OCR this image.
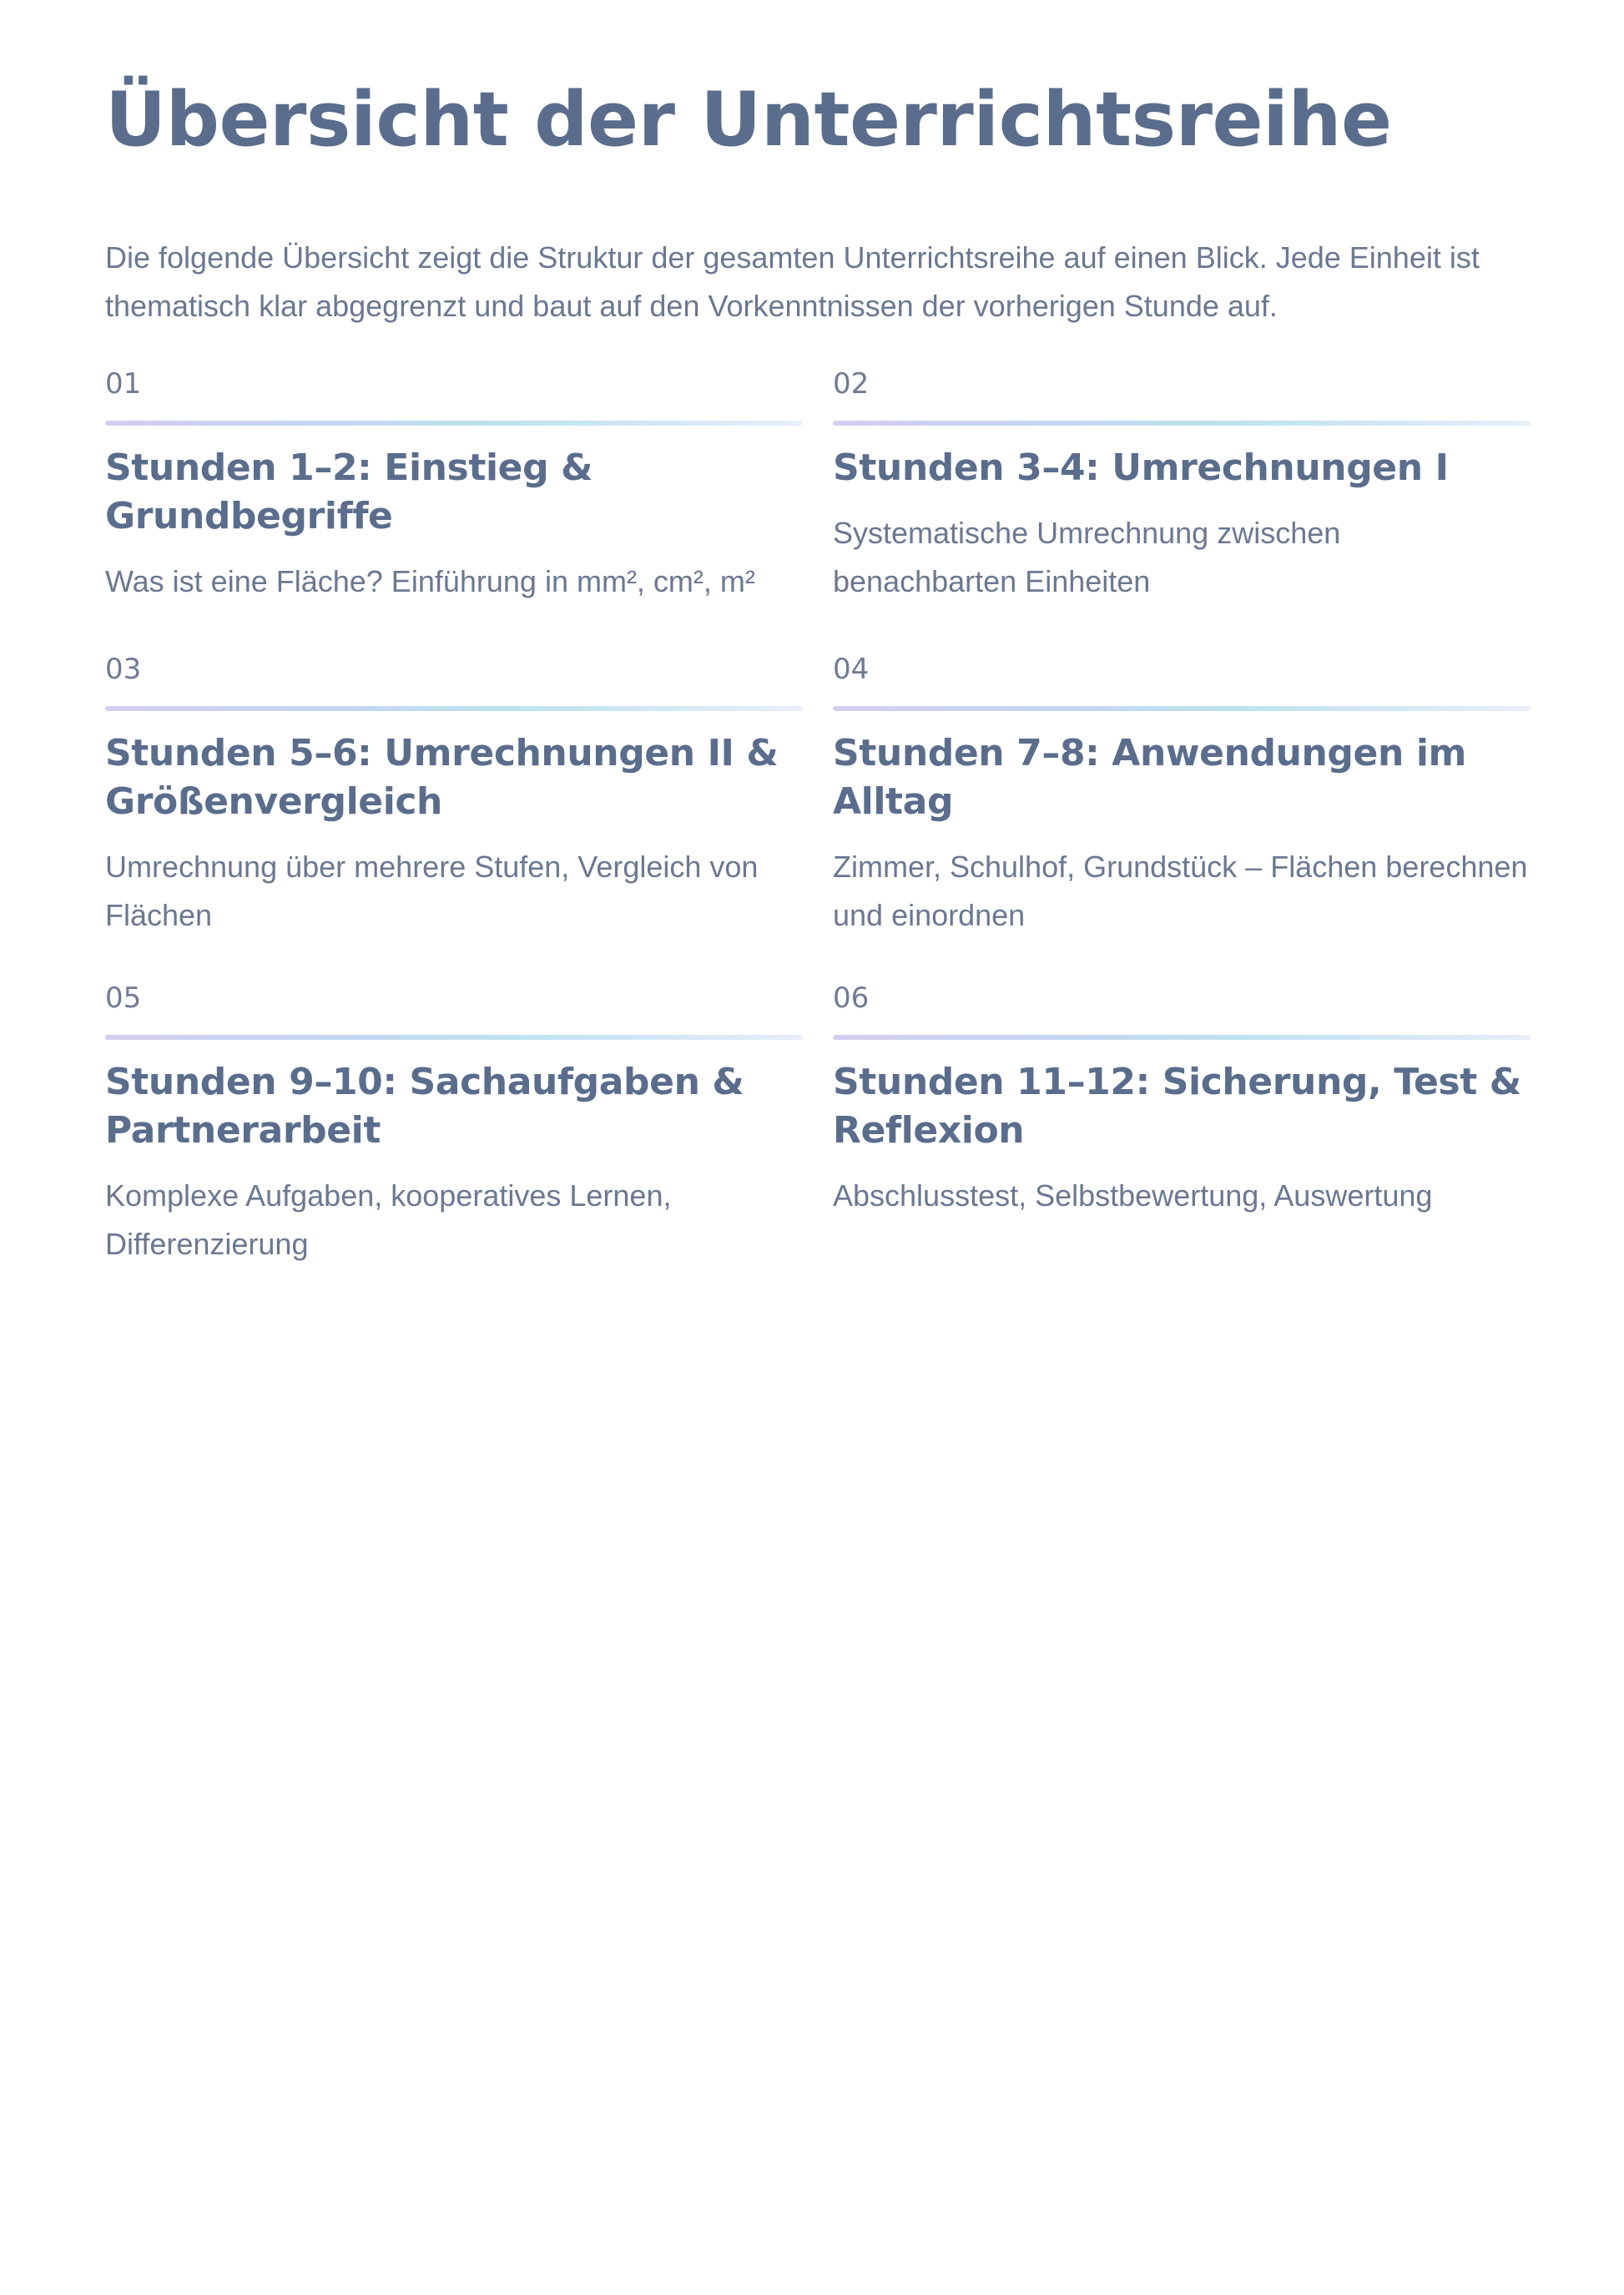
Übersicht der Unterrichtsreihe

Die folgende Übersicht zeigt die Struktur der gesamten Unterrichtsreihe auf einen Blick. Jede Einheit ist thematisch klar abgegrenzt und baut auf den Vorkenntnissen der vorherigen Stunde auf.

01
Stunden 1–2: Einstieg & Grundbegriffe

Was ist eine Fläche? Einführung in mm², cm², m²

02
Stunden 3–4: Umrechnungen I

Systematische Umrechnung zwischen benachbarten Einheiten

03
Stunden 5–6: Umrechnungen II & Größenvergleich

Umrechnung über mehrere Stufen, Vergleich von Flächen

04
Stunden 7–8: Anwendungen im Alltag

Zimmer, Schulhof, Grundstück – Flächen berechnen und einordnen

05
Stunden 9–10: Sachaufgaben & Partnerarbeit

Komplexe Aufgaben, kooperatives Lernen, Differenzierung

06
Stunden 11–12: Sicherung, Test & Reflexion

Abschlusstest, Selbstbewertung, Auswertung
